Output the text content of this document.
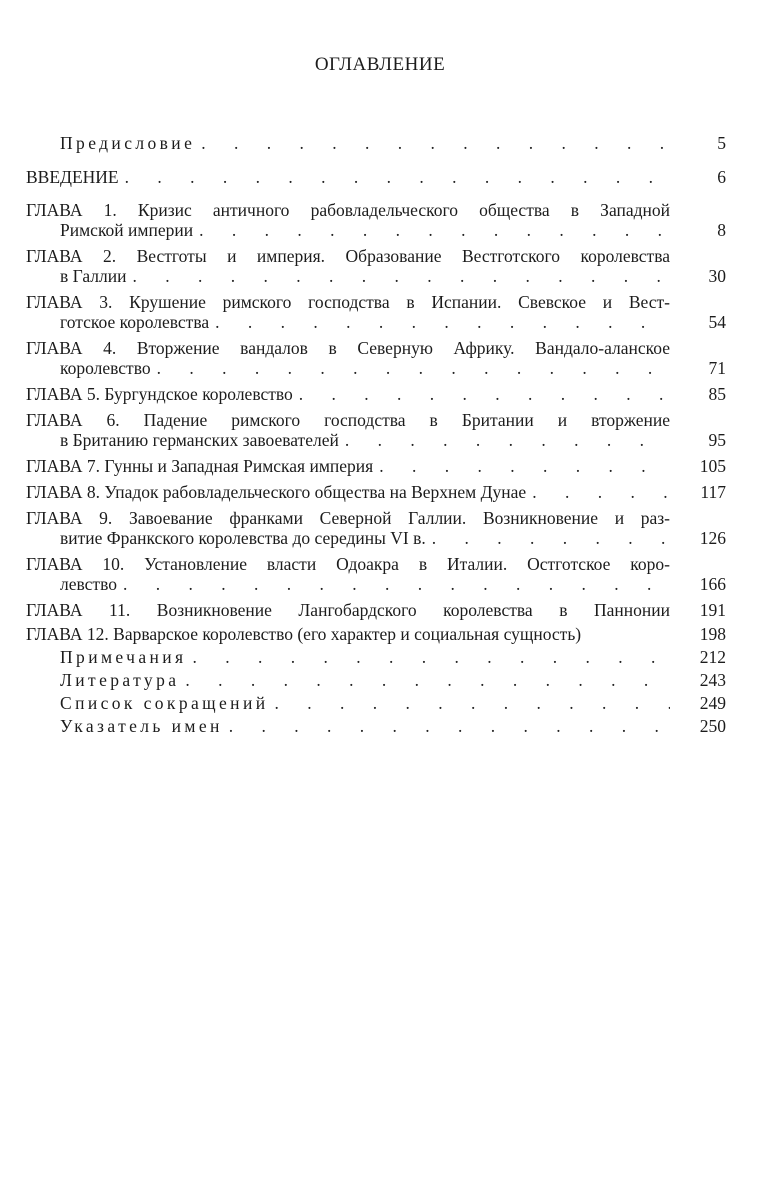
ОГЛАВЛЕНИЕ
Предисловие . . .	5
ВВЕДЕНИЕ . . .	6
ГЛАВА 1. Кризис античного рабовладельческого общества в Западной
Римской империи . . .	8
ГЛАВА 2. Вестготы и империя. Образование Вестготского королевства
в Галлии . . .	30
ГЛАВА 3. Крушение римского господства в Испании. Свевское и Вест-
готское королевства . . .	54
ГЛАВА 4. Вторжение вандалов в Северную Африку. Вандало-аланское
королевство . . .	71
ГЛАВА 5. Бургундское королевство . . .	85
ГЛАВА 6. Падение римского господства в Британии и вторжение
в Британию германских завоевателей . . .	95
ГЛАВА 7. Гунны и Западная Римская империя . . .	105
ГЛАВА 8. Упадок рабовладельческого общества на Верхнем Дунае . . .	117
ГЛАВА 9. Завоевание франками Северной Галлии. Возникновение и раз-
витие Франкского королевства до середины VI в. . . .	126
ГЛАВА 10. Установление власти Одоакра в Италии. Остготское коро-
левство . . .	166
ГЛАВА 11. Возникновение Лангобардского королевства в Паннонии	191
ГЛАВА 12. Варварское королевство (его характер и социальная сущность)	198
Примечания . . .	212
Литература . . .	243
Список сокращений . . .	249
Указатель имен . . .	250
